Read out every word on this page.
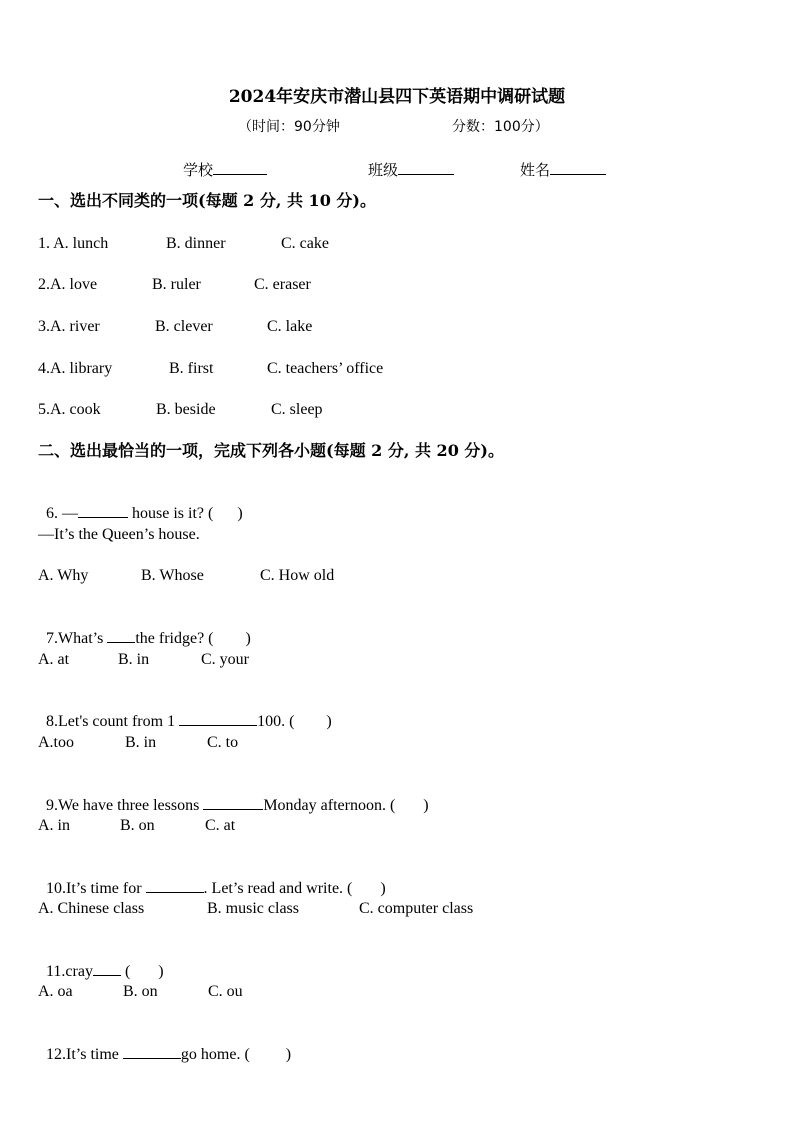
2024年安庆市潜山县四下英语期中调研试题
（时间：90分钟	分数：100分）
学校	班级	姓名
一、选出不同类的一项(每题 2 分, 共 10 分)。
1. A. lunch	B. dinner	C. cake
2.A. love	B. ruler	C. eraser
3.A. river	B. clever	C. lake
4.A. library	B. first	C. teachers’ office
5.A. cook	B. beside	C. sleep
二、选出最恰当的一项，完成下列各小题(每题 2 分, 共 20 分)。

6. —	house is it? (      )

—It’s the Queen’s house.
A. Why	B. Whose	C. How old

7.What’s the fridge? (        )

A. at	B. in	C. your

8.Let's count from 1	100. (        )

A.too	B. in	C. to

9.We have three lessons	Monday afternoon. (       )

A. in	B. on	C. at

10.It’s time for	. Let’s read and write. (       )

A. Chinese class	B. music class	C. computer class

11.cray (       )

A. oa	B. on	C. ou

12.It’s time	go home. (         )
